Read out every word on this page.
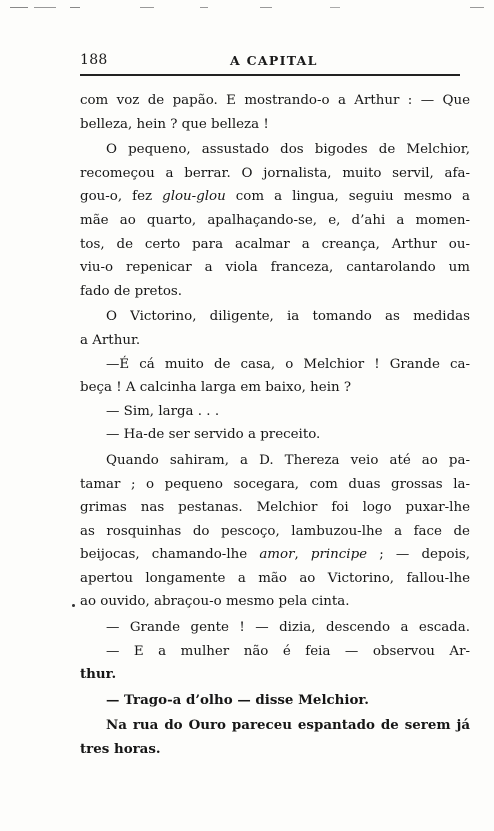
188	A CAPITAL
com voz de papão. E mostrando-o a Arthur : — Que
belleza, hein ? que belleza !
O pequeno, assustado dos bigodes de Melchior,
recomeçou a berrar. O jornalista, muito servil, afa-
gou-o, fez glou-glou com a lingua, seguiu mesmo a
mãe ao quarto, apalhaçando-se, e, d’ahi a momen-
tos, de certo para acalmar a creança, Arthur ou-
viu-o repenicar a viola franceza, cantarolando um
fado de pretos.
O Victorino, diligente, ia tomando as medidas
a Arthur.
—É cá muito de casa, o Melchior ! Grande ca-
beça ! A calcinha larga em baixo, hein ?
— Sim, larga . . .
— Ha-de ser servido a preceito.
Quando sahiram, a D. Thereza veio até ao pa-
tamar ; o pequeno socegara, com duas grossas la-
grimas nas pestanas. Melchior foi logo puxar-lhe
as rosquinhas do pescoço, lambuzou-lhe a face de
beijocas, chamando-lhe amor, principe ; — depois,
apertou longamente a mão ao Victorino, fallou-lhe
ao ouvido, abraçou-o mesmo pela cinta.
— Grande gente ! — dizia, descendo a escada.
— E a mulher não é feia — observou Ar-
thur.
— Trago-a d’olho — disse Melchior.
Na rua do Ouro pareceu espantado de serem já
tres horas.
